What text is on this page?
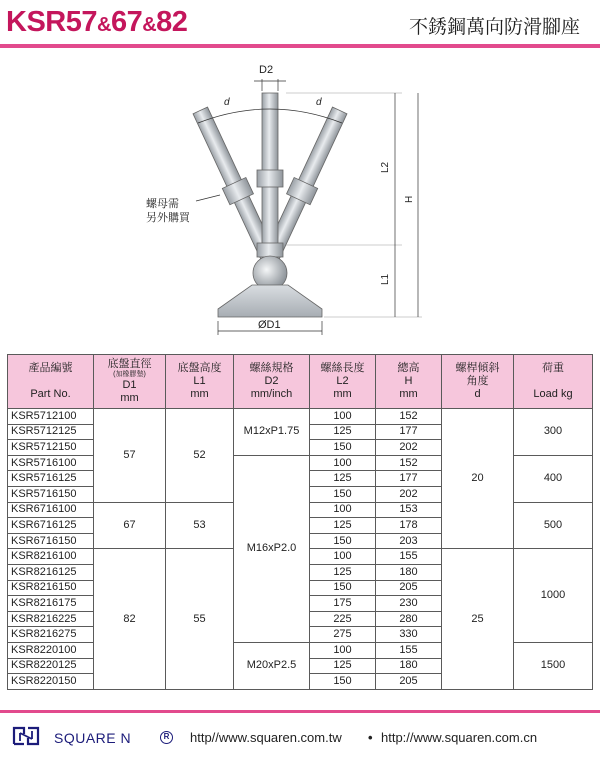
KSR57&67&82	不銹鋼萬向防滑腳座
D2
d	d
L2
H
L1
ØD1
螺母需
另外購買
產品編號

Part No.	底盤直徑
(加橡膠墊)
D1
mm	底盤高度
L1
mm	螺絲規格
D2
mm/inch	螺絲長度
L2
mm	總高
H
mm	螺桿傾斜
角度
d	荷重

Load kg

KSR5712100	57	52	M12xP1.75	100	152	20	300
KSR5712125				125	177		
KSR5712150				150	202		
KSR5716100			M16xP2.0	100	152		400
KSR5716125				125	177		
KSR5716150				150	202		
KSR6716100	67	53		100	153		500
KSR6716125				125	178		
KSR6716150				150	203		
KSR8216100	82	55		100	155	25	1000
KSR8216125				125	180		
KSR8216150				150	205		
KSR8216175				175	230		
KSR8216225				225	280		
KSR8216275				275	330		
KSR8220100			M20xP2.5	100	155		1500
KSR8220125				125	180		
KSR8220150				150	205		
SQUARE N	R http//www.squaren.com.tw • http://www.squaren.com.cn
